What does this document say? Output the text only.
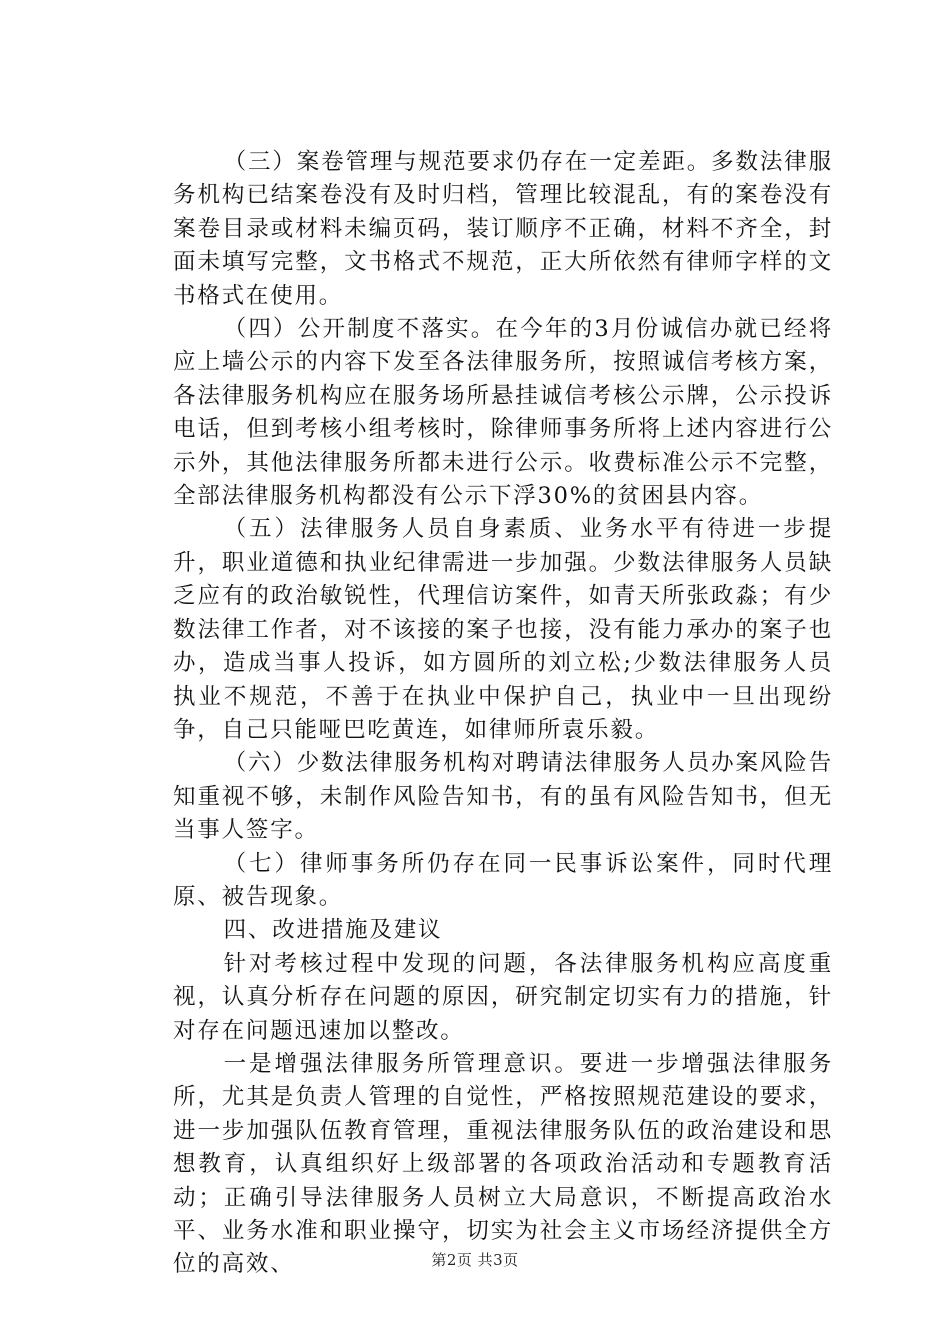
（三）案卷管理与规范要求仍存在一定差距。多数法律服务机构已结案卷没有及时归档，管理比较混乱，有的案卷没有案卷目录或材料未编页码，装订顺序不正确，材料不齐全，封面未填写完整，文书格式不规范，正大所依然有律师字样的文书格式在使用。

（四）公开制度不落实。在今年的3月份诚信办就已经将应上墙公示的内容下发至各法律服务所，按照诚信考核方案，各法律服务机构应在服务场所悬挂诚信考核公示牌，公示投诉电话，但到考核小组考核时，除律师事务所将上述内容进行公示外，其他法律服务所都未进行公示。收费标准公示不完整，全部法律服务机构都没有公示下浮30%的贫困县内容。

（五）法律服务人员自身素质、业务水平有待进一步提升，职业道德和执业纪律需进一步加强。少数法律服务人员缺乏应有的政治敏锐性，代理信访案件，如青天所张政淼；有少数法律工作者，对不该接的案子也接，没有能力承办的案子也办，造成当事人投诉，如方圆所的刘立松;少数法律服务人员执业不规范，不善于在执业中保护自己，执业中一旦出现纷争，自己只能哑巴吃黄连，如律师所袁乐毅。

（六）少数法律服务机构对聘请法律服务人员办案风险告知重视不够，未制作风险告知书，有的虽有风险告知书，但无当事人签字。

（七）律师事务所仍存在同一民事诉讼案件，同时代理原、被告现象。

四、改进措施及建议

针对考核过程中发现的问题，各法律服务机构应高度重视，认真分析存在问题的原因，研究制定切实有力的措施，针对存在问题迅速加以整改。

一是增强法律服务所管理意识。要进一步增强法律服务所，尤其是负责人管理的自觉性，严格按照规范建设的要求，进一步加强队伍教育管理，重视法律服务队伍的政治建设和思想教育，认真组织好上级部署的各项政治活动和专题教育活动；正确引导法律服务人员树立大局意识，不断提高政治水平、业务水准和职业操守，切实为社会主义市场经济提供全方位的高效、	第2页 共3页
